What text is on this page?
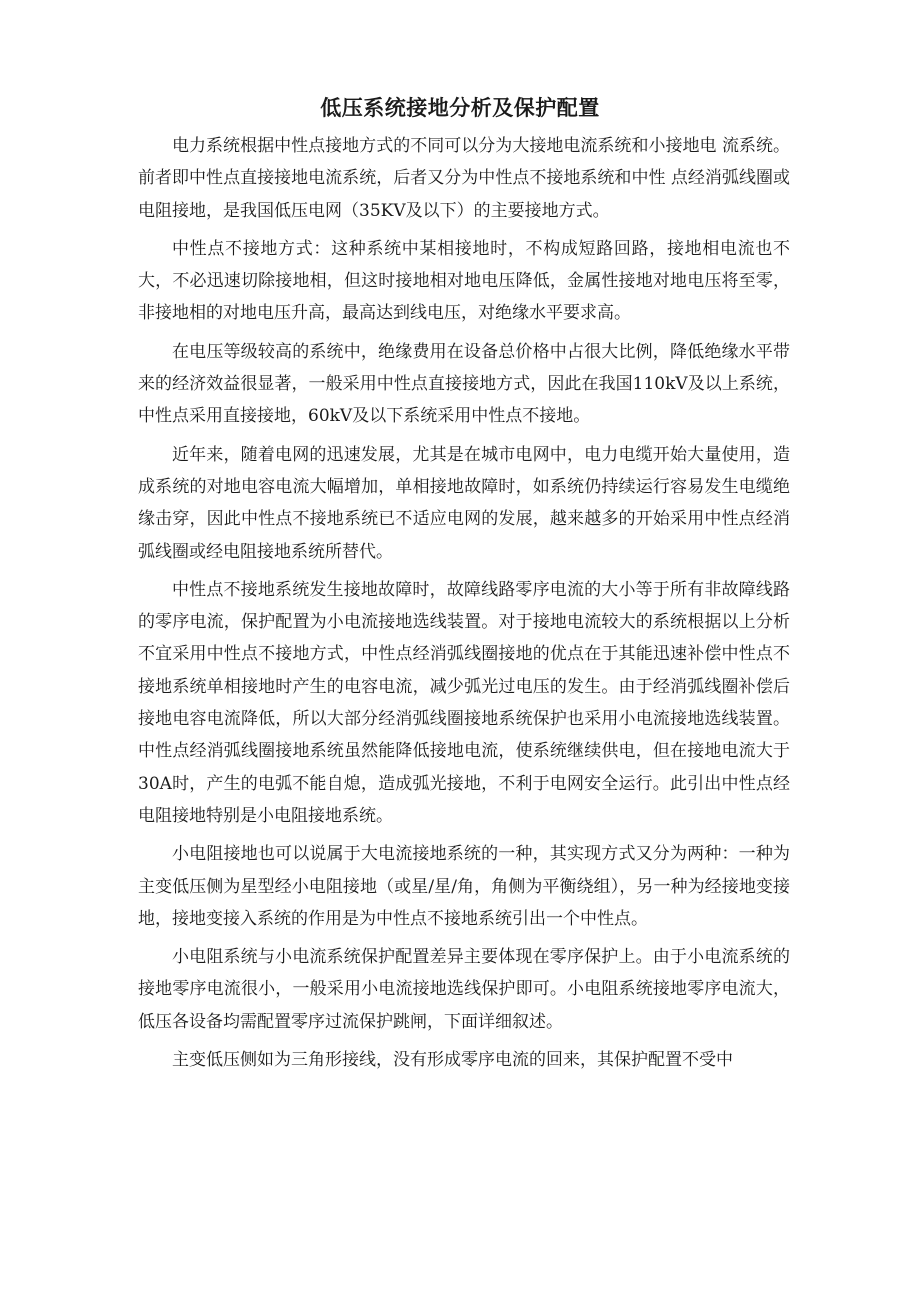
低压系统接地分析及保护配置

电力系统根据中性点接地方式的不同可以分为大接地电流系统和小接地电 流系统。前者即中性点直接接地电流系统，后者又分为中性点不接地系统和中性 点经消弧线圈或电阻接地，是我国低压电网（35KV及以下）的主要接地方式。

中性点不接地方式：这种系统中某相接地时，不构成短路回路，接地相电流也不大，不必迅速切除接地相，但这时接地相对地电压降低，金属性接地对地电压将至零，非接地相的对地电压升高，最高达到线电压，对绝缘水平要求高。

在电压等级较高的系统中，绝缘费用在设备总价格中占很大比例，降低绝缘水平带来的经济效益很显著，一般采用中性点直接接地方式，因此在我国110kV及以上系统，中性点采用直接接地，60kV及以下系统采用中性点不接地。

近年来，随着电网的迅速发展，尤其是在城市电网中，电力电缆开始大量使用，造成系统的对地电容电流大幅增加，单相接地故障时，如系统仍持续运行容易发生电缆绝缘击穿，因此中性点不接地系统已不适应电网的发展，越来越多的开始采用中性点经消弧线圈或经电阻接地系统所替代。

中性点不接地系统发生接地故障时，故障线路零序电流的大小等于所有非故障线路的零序电流，保护配置为小电流接地选线装置。对于接地电流较大的系统根据以上分析不宜采用中性点不接地方式，中性点经消弧线圈接地的优点在于其能迅速补偿中性点不接地系统单相接地时产生的电容电流，减少弧光过电压的发生。由于经消弧线圈补偿后接地电容电流降低，所以大部分经消弧线圈接地系统保护也采用小电流接地选线装置。中性点经消弧线圈接地系统虽然能降低接地电流，使系统继续供电，但在接地电流大于30A时，产生的电弧不能自熄，造成弧光接地，不利于电网安全运行。此引出中性点经电阻接地特别是小电阻接地系统。

小电阻接地也可以说属于大电流接地系统的一种，其实现方式又分为两种：一种为主变低压侧为星型经小电阻接地（或星/星/角，角侧为平衡绕组），另一种为经接地变接地，接地变接入系统的作用是为中性点不接地系统引出一个中性点。

小电阻系统与小电流系统保护配置差异主要体现在零序保护上。由于小电流系统的接地零序电流很小，一般采用小电流接地选线保护即可。小电阻系统接地零序电流大，低压各设备均需配置零序过流保护跳闸，下面详细叙述。

主变低压侧如为三角形接线，没有形成零序电流的回来，其保护配置不受中
